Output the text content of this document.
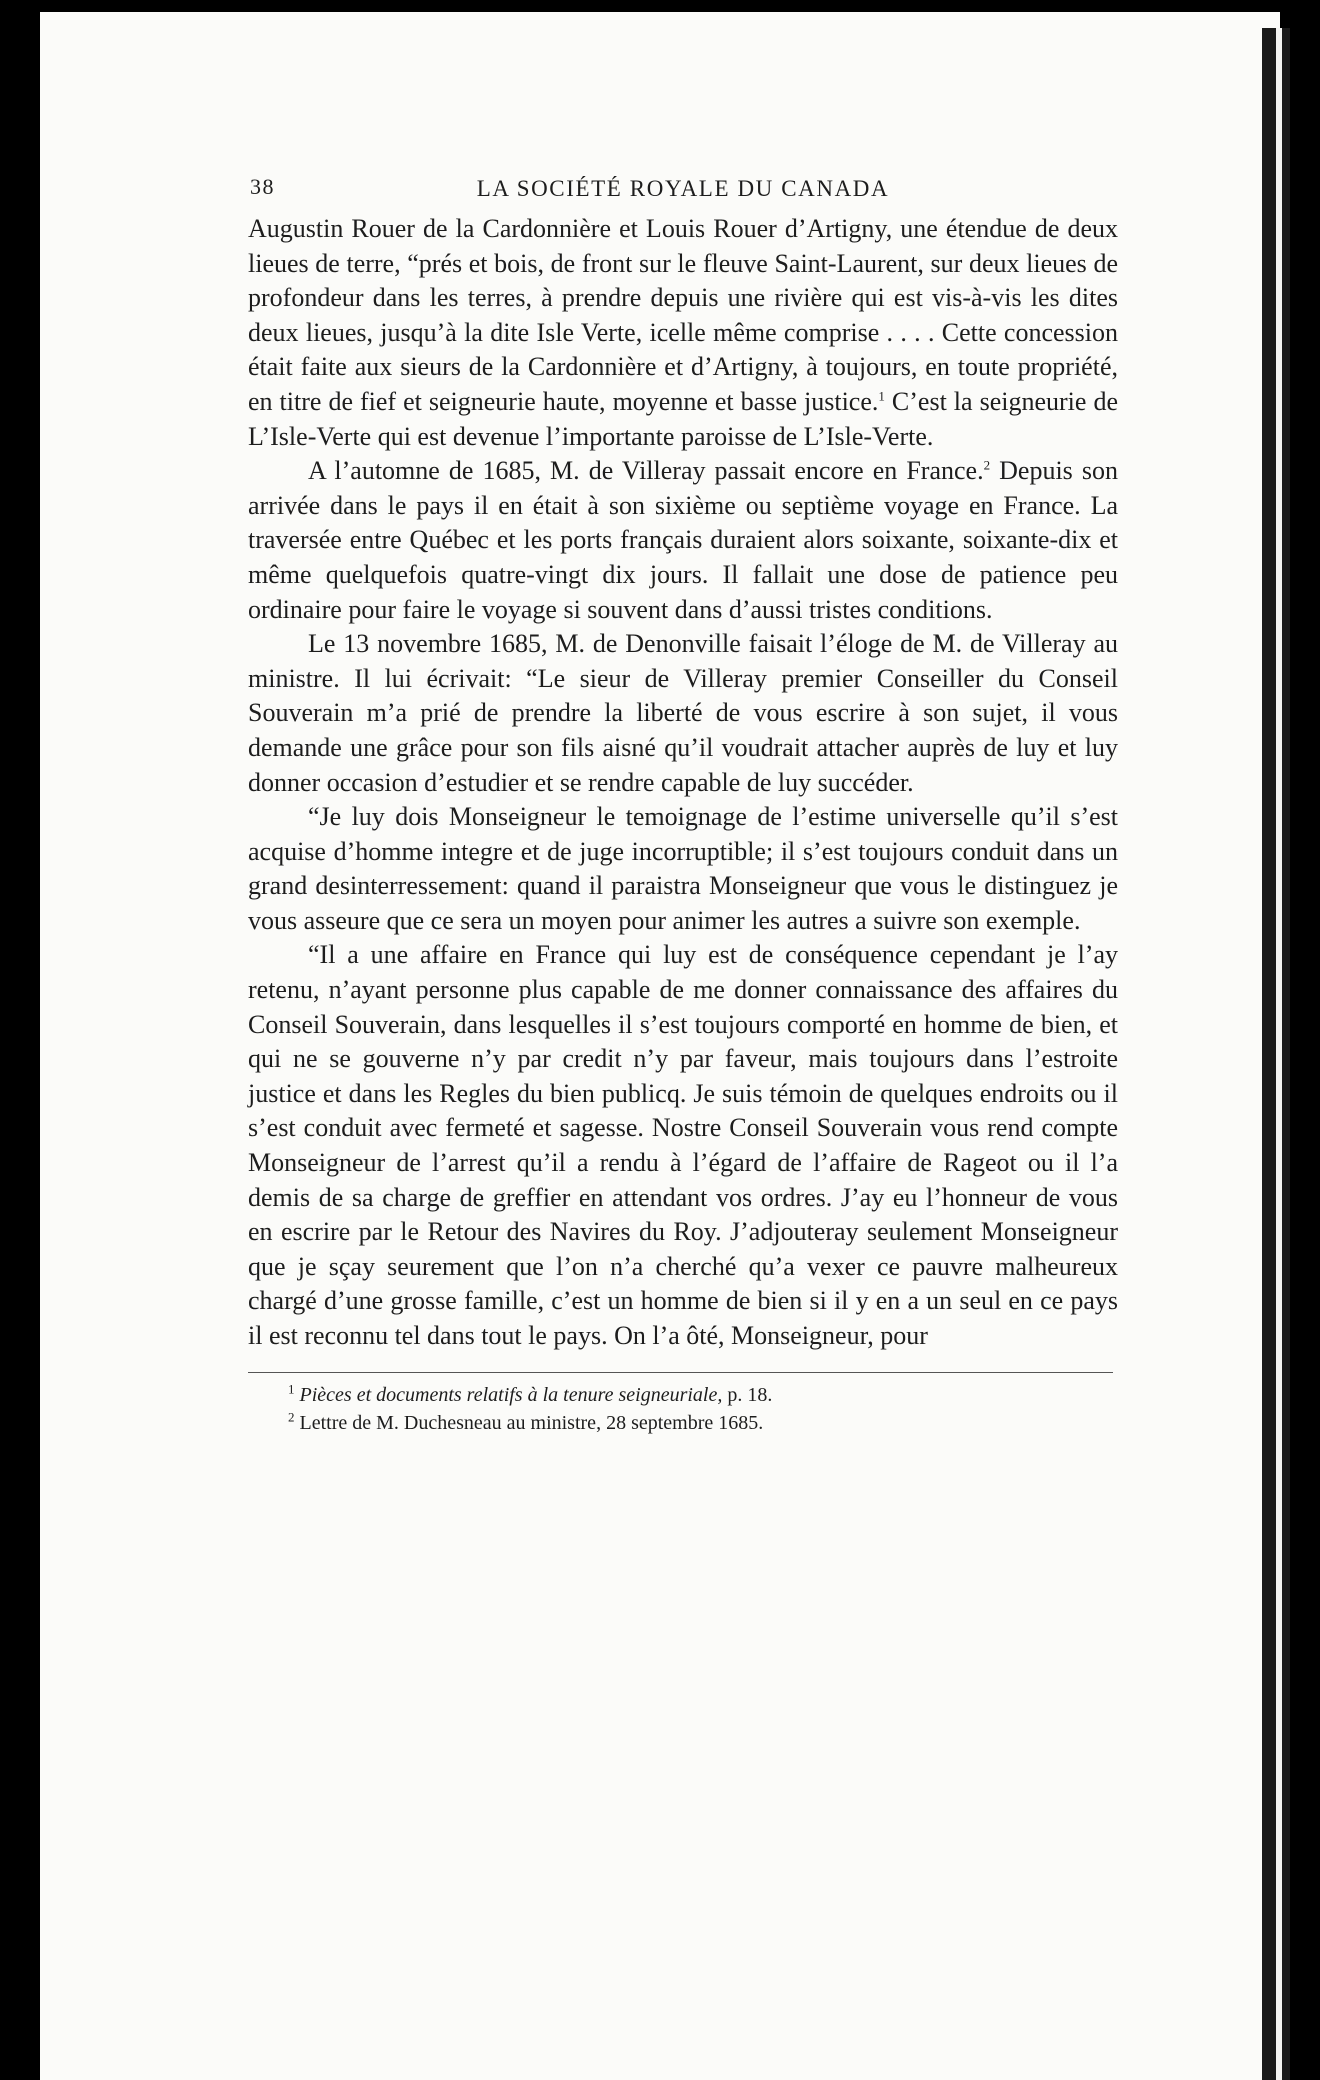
38	LA SOCIÉTÉ ROYALE DU CANADA

Augustin Rouer de la Cardonnière et Louis Rouer d’Artigny, une étendue de deux lieues de terre, “prés et bois, de front sur le fleuve Saint-Laurent, sur deux lieues de profondeur dans les terres, à prendre depuis une rivière qui est vis-à-vis les dites deux lieues, jusqu’à la dite Isle Verte, icelle même comprise . . . . Cette concession était faite aux sieurs de la Cardonnière et d’Artigny, à toujours, en toute propriété, en titre de fief et seigneurie haute, moyenne et basse justice.$^1$ C’est la seigneurie de L’Isle-Verte qui est devenue l’importante paroisse de L’Isle-Verte.

A l’automne de 1685, M. de Villeray passait encore en France.$^2$ Depuis son arrivée dans le pays il en était à son sixième ou septième voyage en France. La traversée entre Québec et les ports français duraient alors soixante, soixante-dix et même quelquefois quatre-vingt dix jours. Il fallait une dose de patience peu ordinaire pour faire le voyage si souvent dans d’aussi tristes conditions.

Le 13 novembre 1685, M. de Denonville faisait l’éloge de M. de Villeray au ministre. Il lui écrivait: “Le sieur de Villeray premier Conseiller du Conseil Souverain m’a prié de prendre la liberté de vous escrire à son sujet, il vous demande une grâce pour son fils aisné qu’il voudrait attacher auprès de luy et luy donner occasion d’estudier et se rendre capable de luy succéder.

“Je luy dois Monseigneur le temoignage de l’estime universelle qu’il s’est acquise d’homme integre et de juge incorruptible; il s’est toujours conduit dans un grand desinterressement: quand il paraistra Monseigneur que vous le distinguez je vous asseure que ce sera un moyen pour animer les autres a suivre son exemple.

“Il a une affaire en France qui luy est de conséquence cependant je l’ay retenu, n’ayant personne plus capable de me donner connaissance des affaires du Conseil Souverain, dans lesquelles il s’est toujours comporté en homme de bien, et qui ne se gouverne n’y par credit n’y par faveur, mais toujours dans l’estroite justice et dans les Regles du bien publicq. Je suis témoin de quelques endroits ou il s’est conduit avec fermeté et sagesse. Nostre Conseil Souverain vous rend compte Monseigneur de l’arrest qu’il a rendu à l’égard de l’affaire de Rageot ou il l’a demis de sa charge de greffier en attendant vos ordres. J’ay eu l’honneur de vous en escrire par le Retour des Navires du Roy. J’adjouteray seulement Monseigneur que je sçay seurement que l’on n’a cherché qu’a vexer ce pauvre malheureux chargé d’une grosse famille, c’est un homme de bien si il y en a un seul en ce pays il est reconnu tel dans tout le pays. On l’a ôté, Monseigneur, pour

$^1$ Pièces et documents relatifs à la tenure seigneuriale, p. 18.

$^2$ Lettre de M. Duchesneau au ministre, 28 septembre 1685.
